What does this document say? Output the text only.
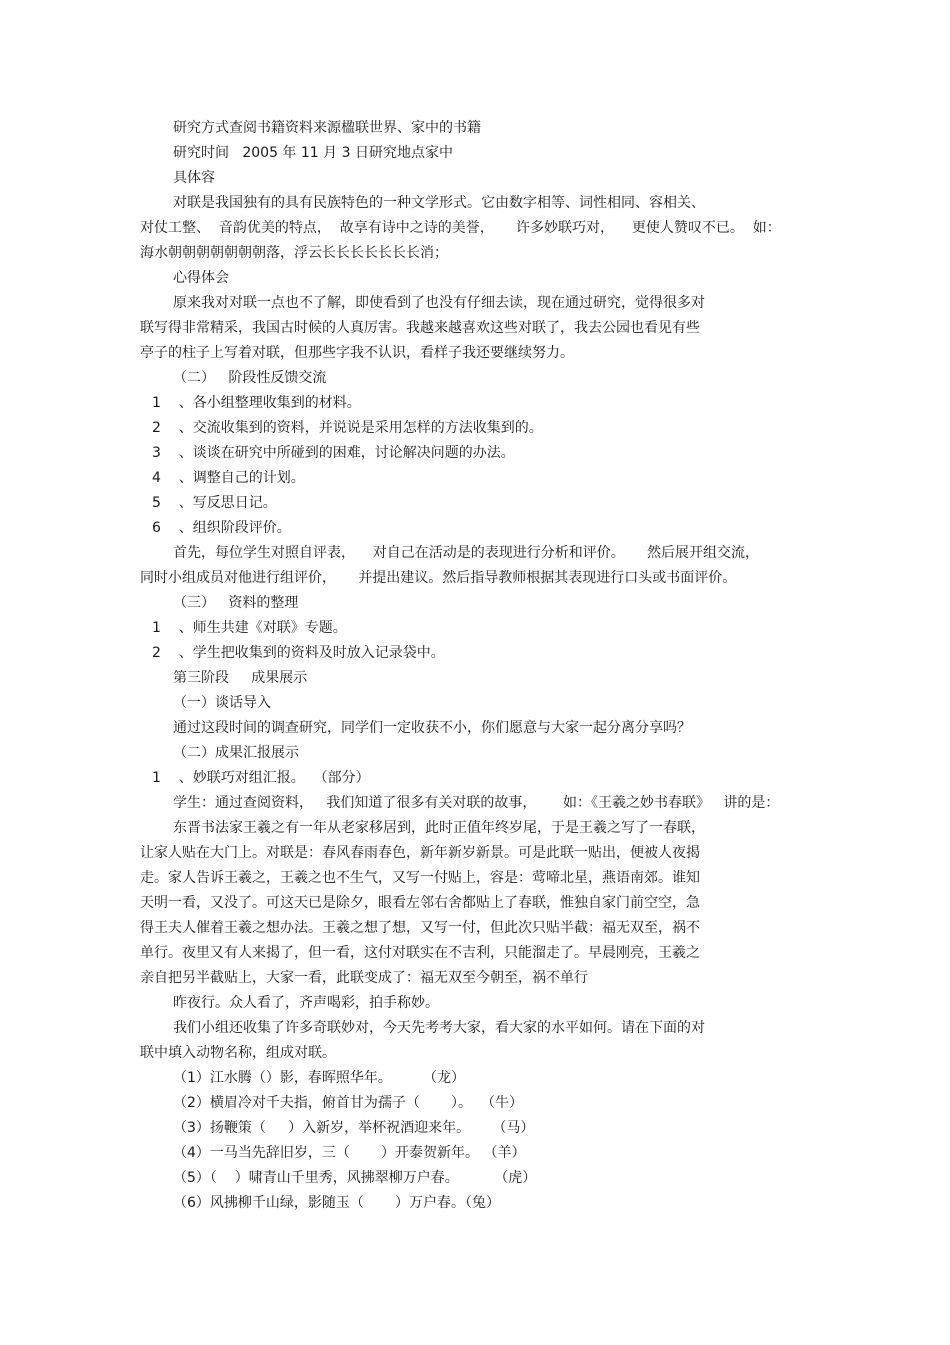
研究方式查阅书籍资料来源楹联世界、家中的书籍
研究时间   2005 年 11 月 3 日研究地点家中
具体容
对联是我国独有的具有民族特色的一种文学形式。它由数字相等、词性相同、容相关、
对仗工整、  音韵优美的特点，  故享有诗中之诗的美誉，     许多妙联巧对，    更使人赞叹不已。  如：
海水朝朝朝朝朝朝朝落，浮云长长长长长长长消；
心得体会
原来我对对联一点也不了解，即使看到了也没有仔细去读，现在通过研究，觉得很多对
联写得非常精采，我国古时候的人真厉害。我越来越喜欢这些对联了，我去公园也看见有些
亭子的柱子上写着对联，但那些字我不认识，看样子我还要继续努力。
（二）   阶段性反馈交流
1    、各小组整理收集到的材料。
2    、交流收集到的资料，并说说是采用怎样的方法收集到的。
3    、谈谈在研究中所碰到的困难，讨论解决问题的办法。
4    、调整自己的计划。
5    、写反思日记。
6    、组织阶段评价。
首先，每位学生对照自评表，    对自己在活动是的表现进行分析和评价。     然后展开组交流，
同时小组成员对他进行组评价，     并提出建议。然后指导教师根据其表现进行口头或书面评价。
（三）   资料的整理
1    、师生共建《对联》专题。
2    、学生把收集到的资料及时放入记录袋中。
第三阶段     成果展示
（一）谈话导入
通过这段时间的调查研究，同学们一定收获不小，你们愿意与大家一起分离分享吗？
（二）成果汇报展示
1    、妙联巧对组汇报。  （部分）
学生：通过查阅资料，   我们知道了很多有关对联的故事，      如：《王羲之妙书春联》   讲的是：
东晋书法家王羲之有一年从老家移居到，此时正值年终岁尾，于是王羲之写了一春联，
让家人贴在大门上。对联是：春风春雨春色，新年新岁新景。可是此联一贴出，便被人夜揭
走。家人告诉王羲之，王羲之也不生气，又写一付贴上，容是：莺啼北星，燕语南郊。谁知
天明一看，又没了。可这天已是除夕，眼看左邻右舍都贴上了春联，惟独自家门前空空，急
得王夫人催着王羲之想办法。王羲之想了想，又写一付，但此次只贴半截：福无双至，祸不
单行。夜里又有人来揭了，但一看，这付对联实在不吉利，只能溜走了。早晨刚亮，王羲之
亲自把另半截贴上，大家一看，此联变成了：福无双至今朝至，祸不单行
昨夜行。众人看了，齐声喝彩，拍手称妙。
我们小组还收集了许多奇联妙对，今天先考考大家，看大家的水平如何。请在下面的对
联中填入动物名称，组成对联。
（1）江水腾（）影，春晖照华年。       （龙）
（2）横眉冷对千夫指，俯首甘为孺子（       ）。  （牛）
（3）扬鞭策（     ）入新岁，举杯祝酒迎来年。     （马）
（4）一马当先辞旧岁，三（       ）开泰贺新年。 （羊）
（5）（    ）啸青山千里秀，风拂翠柳万户春。        （虎）
（6）风拂柳千山绿，影随玉（       ）万户春。（兔）
